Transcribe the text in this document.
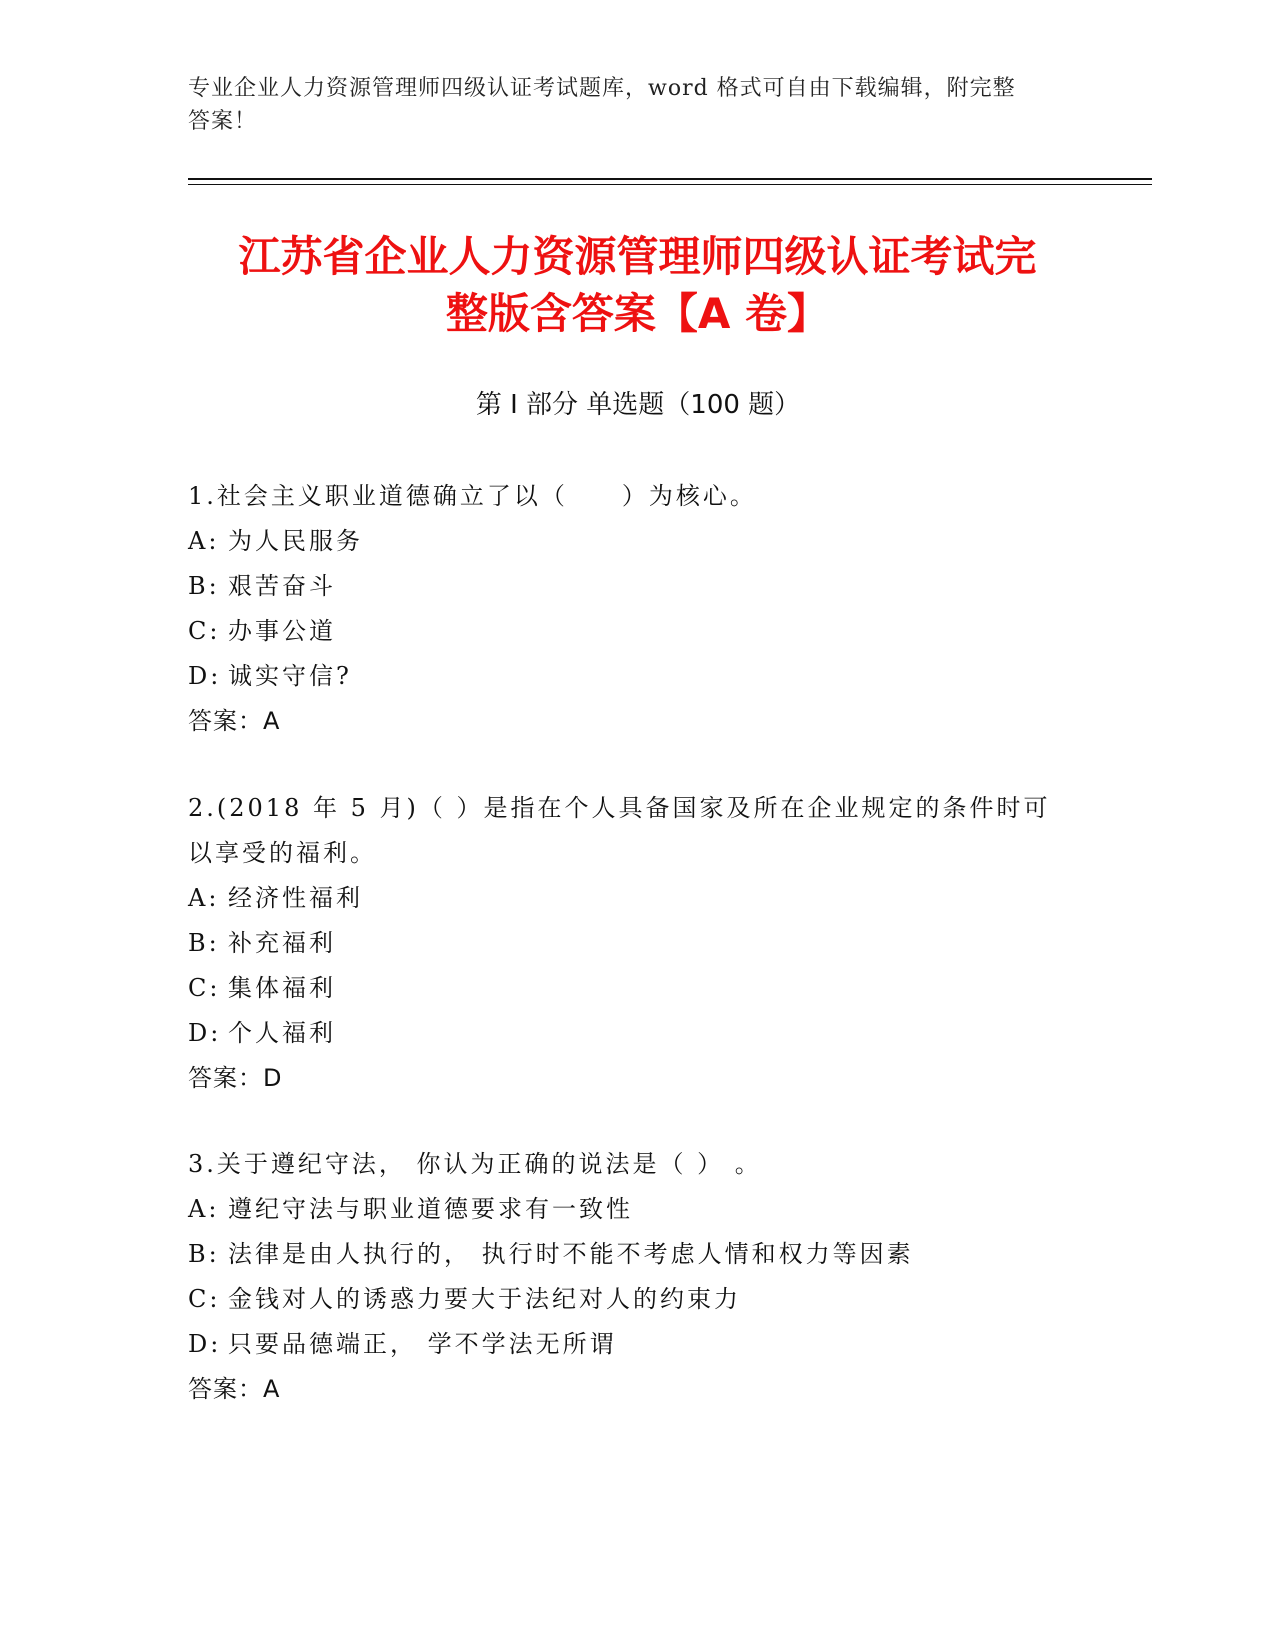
专业企业人力资源管理师四级认证考试题库，word 格式可自由下载编辑，附完整
答案！
江苏省企业人力资源管理师四级认证考试完
整版含答案【A 卷】
第 I 部分 单选题（100 题）
1.社会主义职业道德确立了以（　　）为核心。
A: 为人民服务
B: 艰苦奋斗
C: 办事公道
D: 诚实守信?
答案：A
2.(2018 年 5 月)（ ）是指在个人具备国家及所在企业规定的条件时可
以享受的福利。
A: 经济性福利
B: 补充福利
C: 集体福利
D: 个人福利
答案：D
3.关于遵纪守法， 你认为正确的说法是（ ） 。
A: 遵纪守法与职业道德要求有一致性
B: 法律是由人执行的， 执行时不能不考虑人情和权力等因素
C: 金钱对人的诱惑力要大于法纪对人的约束力
D: 只要品德端正， 学不学法无所谓
答案：A
